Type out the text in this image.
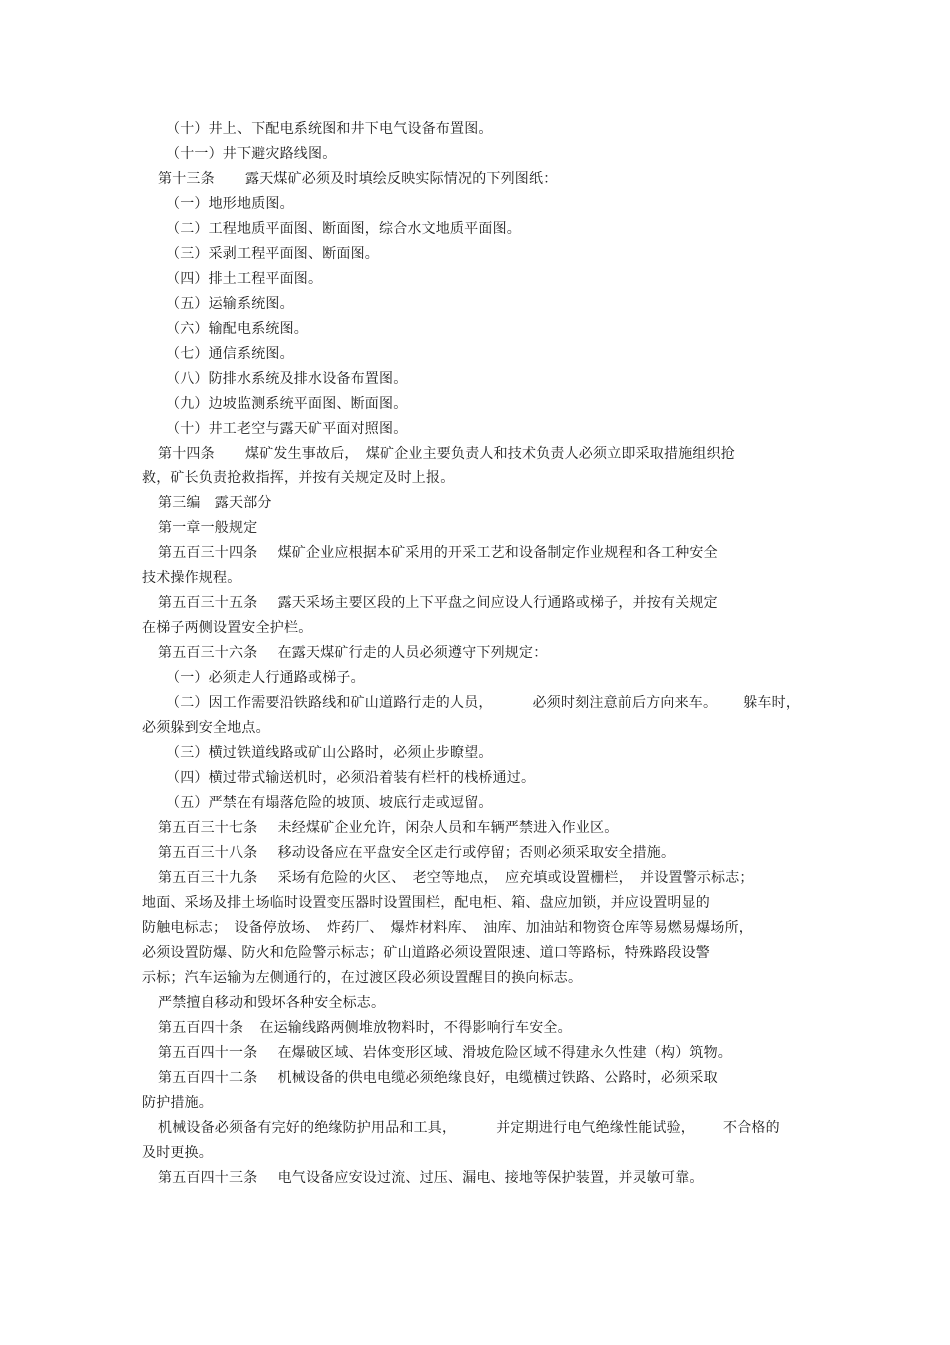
（十）井上、下配电系统图和井下电气设备布置图。
（十一）井下避灾路线图。
第十三条　露天煤矿必须及时填绘反映实际情况的下列图纸：
（一）地形地质图。
（二）工程地质平面图、断面图，综合水文地质平面图。
（三）采剥工程平面图、断面图。
（四）排土工程平面图。
（五）运输系统图。
（六）输配电系统图。
（七）通信系统图。
（八）防排水系统及排水设备布置图。
（九）边坡监测系统平面图、断面图。
（十）井工老空与露天矿平面对照图。
第十四条　煤矿发生事故后，　煤矿企业主要负责人和技术负责人必须立即采取措施组织抢
救，矿长负责抢救指挥，并按有关规定及时上报。
第三编　露天部分
第一章一般规定
第五百三十四条　煤矿企业应根据本矿采用的开采工艺和设备制定作业规程和各工种安全
技术操作规程。
第五百三十五条　露天采场主要区段的上下平盘之间应设人行通路或梯子，并按有关规定
在梯子两侧设置安全护栏。
第五百三十六条　在露天煤矿行走的人员必须遵守下列规定：
（一）必须走人行通路或梯子。
（二）因工作需要沿铁路线和矿山道路行走的人员，	必须时刻注意前后方向来车。 躲车时，
必须躲到安全地点。
（三）横过铁道线路或矿山公路时，必须止步瞭望。
（四）横过带式输送机时，必须沿着装有栏杆的栈桥通过。
（五）严禁在有塌落危险的坡顶、坡底行走或逗留。
第五百三十七条　未经煤矿企业允许，闲杂人员和车辆严禁进入作业区。
第五百三十八条　移动设备应在平盘安全区走行或停留；否则必须采取安全措施。
第五百三十九条　采场有危险的火区、　老空等地点，　应充填或设置栅栏，　并设置警示标志；
地面、采场及排土场临时设置变压器时设置围栏，配电柜、箱、盘应加锁，并应设置明显的
防触电标志；　设备停放场、　炸药厂、　爆炸材料库、　油库、加油站和物资仓库等易燃易爆场所，
必须设置防爆、防火和危险警示标志；矿山道路必须设置限速、道口等路标，特殊路段设警
示标；汽车运输为左侧通行的，在过渡区段必须设置醒目的换向标志。
严禁擅自移动和毁坏各种安全标志。
第五百四十条　在运输线路两侧堆放物料时，不得影响行车安全。
第五百四十一条　在爆破区域、岩体变形区域、滑坡危险区域不得建永久性建（构）筑物。
第五百四十二条　机械设备的供电电缆必须绝缘良好，电缆横过铁路、公路时，必须采取
防护措施。
机械设备必须备有完好的绝缘防护用品和工具，	并定期进行电气绝缘性能试验， 不合格的
及时更换。
第五百四十三条　电气设备应安设过流、过压、漏电、接地等保护装置，并灵敏可靠。
